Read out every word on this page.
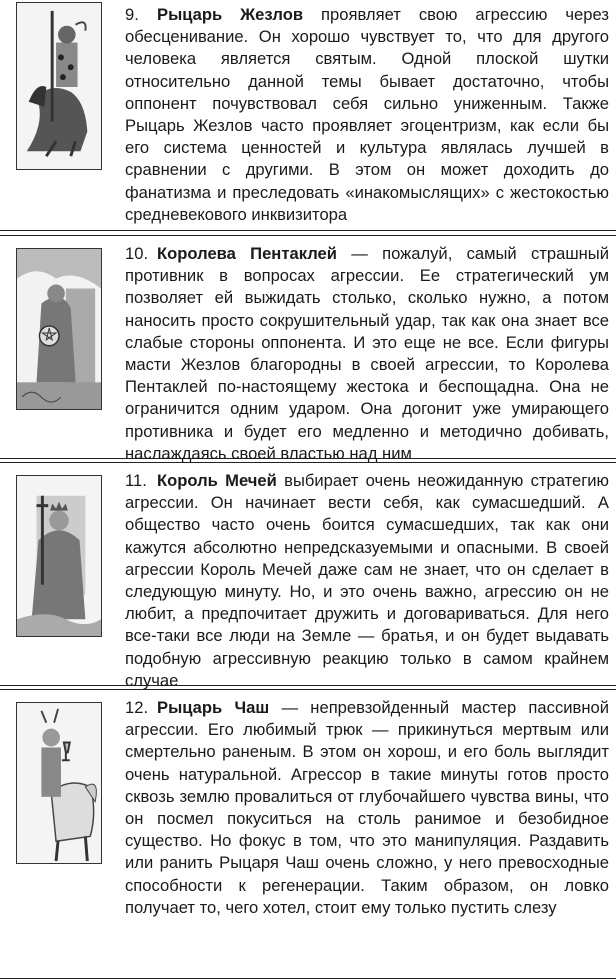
9. Рыцарь Жезлов проявляет свою агрессию через обесценивание. Он хорошо чувствует то, что для другого человека является святым. Одной плоской шутки относительно данной темы бывает достаточно, чтобы оппонент почувствовал себя сильно униженным. Также Рыцарь Жезлов часто проявляет эгоцентризм, как если бы его система ценностей и культура являлась лучшей в сравнении с другими. В этом он может доходить до фанатизма и преследовать «инакомыслящих» с жестокостью средневекового инквизитора
10. Королева Пентаклей — пожалуй, самый страшный противник в вопросах агрессии. Ее стратегический ум позволяет ей выжидать столько, сколько нужно, а потом наносить просто сокрушительный удар, так как она знает все слабые стороны оппонента. И это еще не все. Если фигуры масти Жезлов благородны в своей агрессии, то Королева Пентаклей по-настоящему жестока и беспощадна. Она не ограничится одним ударом. Она догонит уже умирающего противника и будет его медленно и методично добивать, наслаждаясь своей властью над ним
11. Король Мечей выбирает очень неожиданную стратегию агрессии. Он начинает вести себя, как сумасшедший. А общество часто очень боится сумасшедших, так как они кажутся абсолютно непредсказуемыми и опасными. В своей агрессии Король Мечей даже сам не знает, что он сделает в следующую минуту. Но, и это очень важно, агрессию он не любит, а предпочитает дружить и договариваться. Для него все-таки все люди на Земле — братья, и он будет выдавать подобную агрессивную реакцию только в самом крайнем случае
12. Рыцарь Чаш — непревзойденный мастер пассивной агрессии. Его любимый трюк — прикинуться мертвым или смертельно раненым. В этом он хорош, и его боль выглядит очень натуральной. Агрессор в такие минуты готов просто сквозь землю провалиться от глубочайшего чувства вины, что он посмел покуситься на столь ранимое и безобидное существо. Но фокус в том, что это манипуляция. Раздавить или ранить Рыцаря Чаш очень сложно, у него превосходные способности к регенерации. Таким образом, он ловко получает то, чего хотел, стоит ему только пустить слезу
